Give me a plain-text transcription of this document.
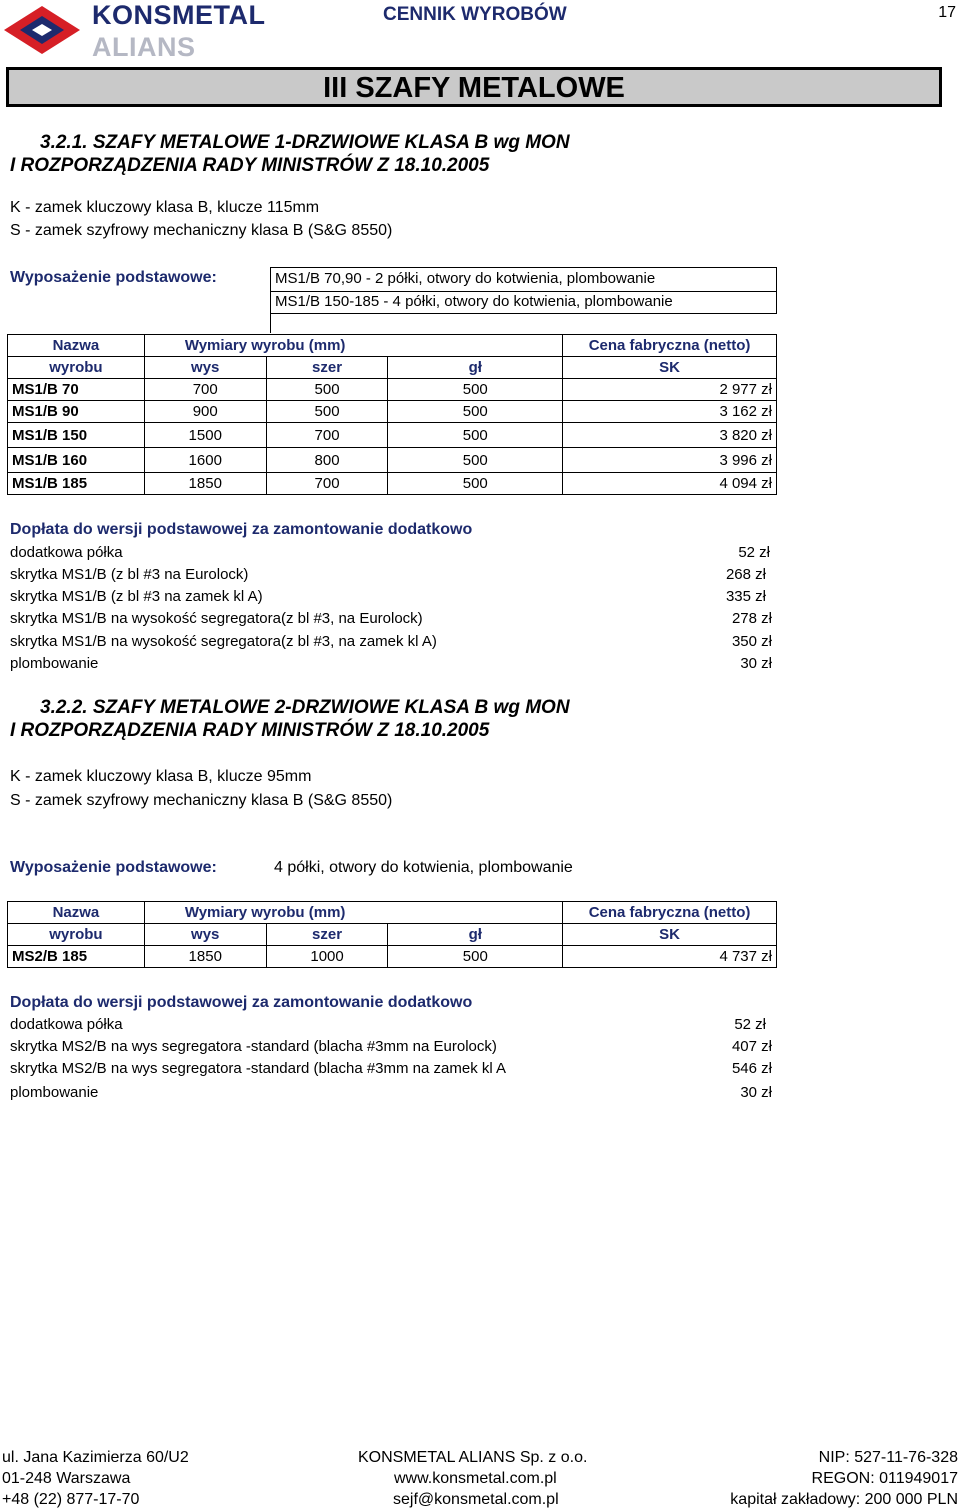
KONSMETAL
ALIANS
CENNIK WYROBÓW	17
III SZAFY METALOWE
3.2.1. SZAFY METALOWE 1-DRZWIOWE KLASA B wg MON
I ROZPORZĄDZENIA RADY MINISTRÓW Z 18.10.2005
K - zamek kluczowy klasa B, klucze 115mm
S - zamek szyfrowy mechaniczny klasa B (S&G 8550)
Wyposażenie podstawowe:	MS1/B 70,90 - 2 półki, otwory do kotwienia, plombowanie
MS1/B 150-185 - 4 półki, otwory do kotwienia, plombowanie
Nazwa	Wymiary wyrobu (mm)			Cena fabryczna (netto)
wyrobu	wys	szer	gł	SK
MS1/B 70	700	500	500	2 977 zł
MS1/B 90	900	500	500	3 162 zł
MS1/B 150	1500	700	500	3 820 zł
MS1/B 160	1600	800	500	3 996 zł
MS1/B 185	1850	700	500	4 094 zł
Dopłata do wersji podstawowej za zamontowanie dodatkowo
dodatkowa półka	52 zł
skrytka MS1/B (z bl #3 na Eurolock)	268 zł
skrytka MS1/B (z bl #3 na zamek kl A)	335 zł
skrytka MS1/B na wysokość segregatora(z bl #3, na Eurolock)	278 zł
skrytka MS1/B na wysokość segregatora(z bl #3, na zamek kl A)	350 zł
plombowanie	30 zł
3.2.2. SZAFY METALOWE 2-DRZWIOWE KLASA B wg MON
I ROZPORZĄDZENIA RADY MINISTRÓW Z 18.10.2005
K - zamek kluczowy klasa B, klucze 95mm
S - zamek szyfrowy mechaniczny klasa B (S&G 8550)
Wyposażenie podstawowe:	4 półki, otwory do kotwienia, plombowanie
Nazwa	Wymiary wyrobu (mm)			Cena fabryczna (netto)
wyrobu	wys	szer	gł	SK
MS2/B 185	1850	1000	500	4 737 zł
Dopłata do wersji podstawowej za zamontowanie dodatkowo
dodatkowa półka	52 zł
skrytka MS2/B na wys segregatora -standard (blacha #3mm na Eurolock)	407 zł
skrytka MS2/B na wys segregatora -standard (blacha #3mm na zamek kl A	546 zł
plombowanie	30 zł
ul. Jana Kazimierza 60/U2
01-248 Warszawa
+48 (22) 877-17-70
KONSMETAL ALIANS Sp. z o.o.
www.konsmetal.com.pl
sejf@konsmetal.com.pl
NIP: 527-11-76-328
REGON: 011949017
kapitał zakładowy: 200 000 PLN
